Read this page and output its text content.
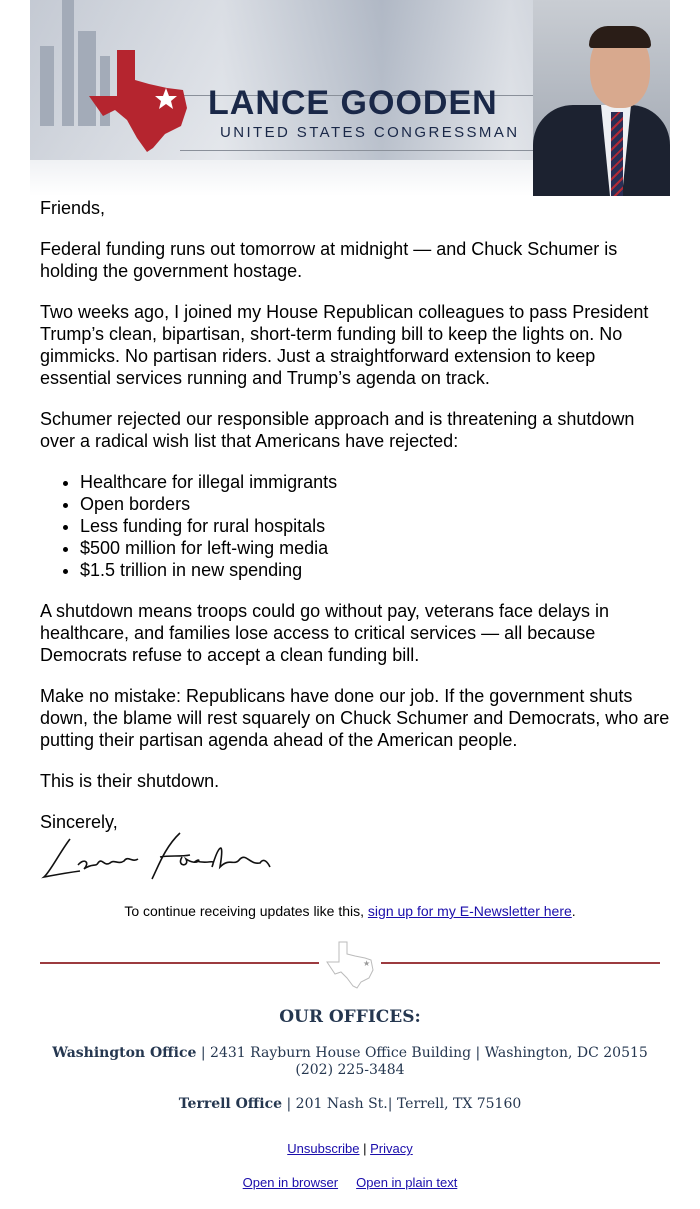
LANCE GOODEN
UNITED STATES CONGRESSMAN

Friends,

Federal funding runs out tomorrow at midnight — and Chuck Schumer is holding the government hostage.

Two weeks ago, I joined my House Republican colleagues to pass President Trump’s clean, bipartisan, short-term funding bill to keep the lights on. No gimmicks. No partisan riders. Just a straightforward extension to keep essential services running and Trump’s agenda on track.

Schumer rejected our responsible approach and is threatening a shutdown over a radical wish list that Americans have rejected:

• Healthcare for illegal immigrants
• Open borders
• Less funding for rural hospitals
• $500 million for left-wing media
• $1.5 trillion in new spending

A shutdown means troops could go without pay, veterans face delays in healthcare, and families lose access to critical services — all because Democrats refuse to accept a clean funding bill.

Make no mistake: Republicans have done our job. If the government shuts down, the blame will rest squarely on Chuck Schumer and Democrats, who are putting their partisan agenda ahead of the American people.

This is their shutdown.

Sincerely,

To continue receiving updates like this, sign up for my E-Newsletter here.
★
OUR OFFICES:
Washington Office | 2431 Rayburn House Office Building | Washington, DC 20515
(202) 225-3484
Terrell Office | 201 Nash St.| Terrell, TX 75160
Unsubscribe | Privacy
Open in browser Open in plain text
